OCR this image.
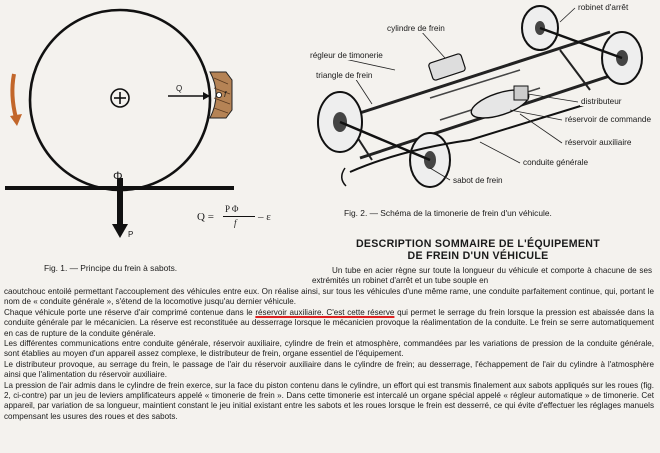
Q
f
Φ
P
Q =
P Φ
f – ε
Fig. 1. — Principe du frein à sabots.
robinet d'arrêt
cylindre de frein
régleur de timonerie
triangle de frein
distributeur
réservoir de commande
réservoir auxiliaire
conduite générale
sabot de frein
Fig. 2. — Schéma de la timonerie de frein d'un véhicule.
DESCRIPTION SOMMAIRE DE L'ÉQUIPEMENT
DE FREIN D'UN VÉHICULE
Un tube en acier règne sur toute la longueur du véhicule et comporte à chacune de ses extrémités un robinet d'arrêt et un tube souple en

caoutchouc entoilé permettant l'accouplement des véhicules entre eux. On réalise ainsi, sur tous les véhicules d'une même rame, une conduite parfaitement continue, qui, portant le nom de « conduite générale », s'étend de la locomotive jusqu'au dernier véhicule.

Chaque véhicule porte une réserve d'air comprimé contenue dans le réservoir auxiliaire. C'est cette réserve qui permet le serrage du frein lorsque la pression est abaissée dans la conduite générale par le mécanicien. La réserve est reconstituée au desserrage lorsque le mécanicien provoque la réalimentation de la conduite. Le frein se serre automatiquement en cas de rupture de la conduite générale.

Les différentes communications entre conduite générale, réservoir auxiliaire, cylindre de frein et atmosphère, commandées par les variations de pression de la conduite générale, sont établies au moyen d'un appareil assez complexe, le distributeur de frein, organe essentiel de l'équipement.

Le distributeur provoque, au serrage du frein, le passage de l'air du réservoir auxiliaire dans le cylindre de frein; au desserrage, l'échappement de l'air du cylindre à l'atmosphère ainsi que l'alimentation du réservoir auxiliaire.

La pression de l'air admis dans le cylindre de frein exerce, sur la face du piston contenu dans le cylindre, un effort qui est transmis finalement aux sabots appliqués sur les roues (fig. 2, ci-contre) par un jeu de leviers amplificateurs appelé « timonerie de frein ». Dans cette timonerie est intercalé un organe spécial appelé « régleur automatique » de timonerie. Cet appareil, par variation de sa longueur, maintient constant le jeu initial existant entre les sabots et les roues lorsque le frein est desserré, ce qui évite d'effectuer les réglages manuels compensant les usures des roues et des sabots.
